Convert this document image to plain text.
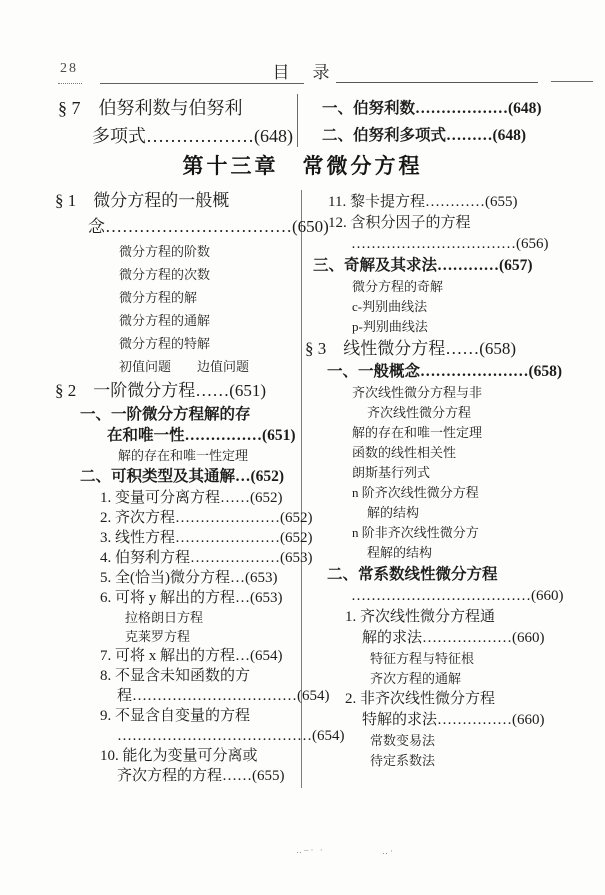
28	目　录
§ 7　伯努利数与伯努利
多项式………………(648)
一、伯努利数………………(648)
二、伯努利多项式………(648)
第十三章　常微分方程
§ 1　微分方程的一般概
念……………………………(650)
微分方程的阶数
微分方程的次数
微分方程的解
微分方程的通解
微分方程的特解
初值问题　　边值问题
§ 2　一阶微分方程……(651)
一、一阶微分方程解的存
在和唯一性……………(651)
解的存在和唯一性定理
二、可积类型及其通解…(652)
1. 变量可分离方程……(652)
2. 齐次方程…………………(652)
3. 线性方程…………………(652)
4. 伯努利方程………………(653)
5. 全(恰当)微分方程…(653)
6. 可将 y 解出的方程…(653)
拉格朗日方程
克莱罗方程
7. 可将 x 解出的方程…(654)
8. 不显含未知函数的方
程……………………………(654)
9. 不显含自变量的方程
…………………………………(654)
10. 能化为变量可分离或
齐次方程的方程……(655)
11. 黎卡提方程…………(655)
12. 含积分因子的方程
……………………………(656)
三、奇解及其求法…………(657)
微分方程的奇解
c-判别曲线法
p-判别曲线法
§ 3　线性微分方程……(658)
一、一般概念…………………(658)
齐次线性微分方程与非
齐次线性微分方程
解的存在和唯一性定理
函数的线性相关性
朗斯基行列式
n 阶齐次线性微分方程
解的结构
n 阶非齐次线性微分方
程解的结构
二、常系数线性微分方程
………………………………(660)
1. 齐次线性微分方程通
解的求法………………(660)
特征方程与特征根
齐次方程的通解
2. 非齐次线性微分方程
特解的求法……………(660)
常数变易法
待定系数法
‥–· ·	‥·
